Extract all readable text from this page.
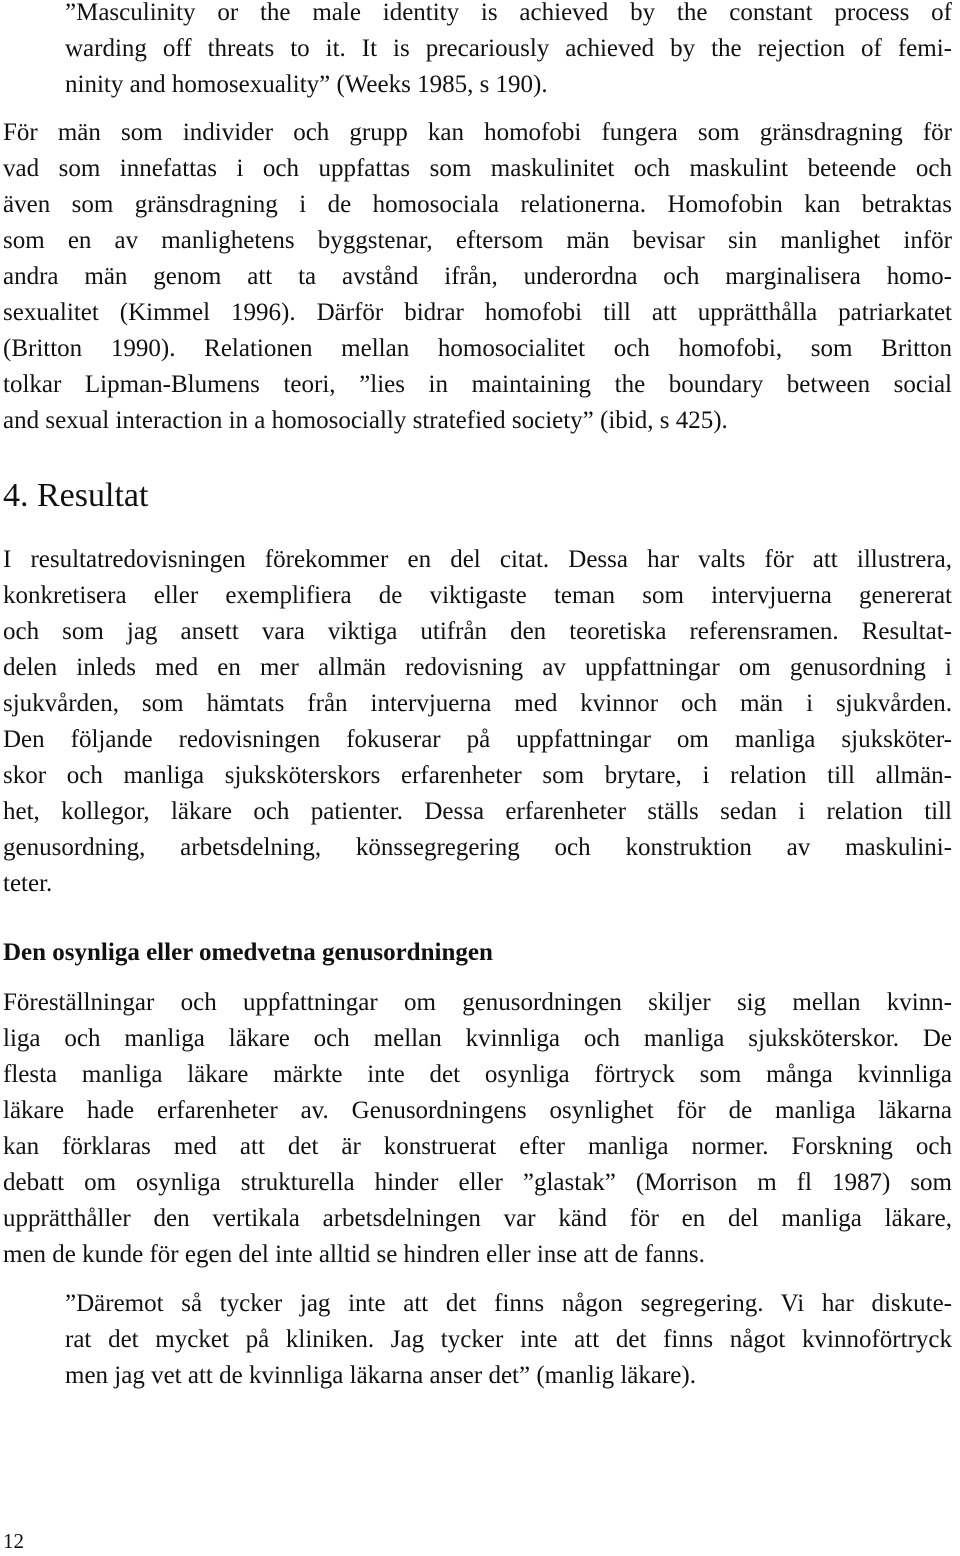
”Masculinity or the male identity is achieved by the constant process of
warding off threats to it. It is precariously achieved by the rejection of femi-
ninity and homosexuality” (Weeks 1985, s 190).
För män som individer och grupp kan homofobi fungera som gränsdragning för
vad som innefattas i och uppfattas som maskulinitet och maskulint beteende och
även som gränsdragning i de homosociala relationerna. Homofobin kan betraktas
som en av manlighetens byggstenar, eftersom män bevisar sin manlighet inför
andra män genom att ta avstånd ifrån, underordna och marginalisera homo-
sexualitet (Kimmel 1996). Därför bidrar homofobi till att upprätthålla patriarkatet
(Britton 1990). Relationen mellan homosocialitet och homofobi, som Britton
tolkar Lipman-Blumens teori, ”lies in maintaining the boundary between social
and sexual interaction in a homosocially stratefied society” (ibid, s 425).
4. Resultat
I resultatredovisningen förekommer en del citat. Dessa har valts för att illustrera,
konkretisera eller exemplifiera de viktigaste teman som intervjuerna genererat
och som jag ansett vara viktiga utifrån den teoretiska referensramen. Resultat-
delen inleds med en mer allmän redovisning av uppfattningar om genusordning i
sjukvården, som hämtats från intervjuerna med kvinnor och män i sjukvården.
Den följande redovisningen fokuserar på uppfattningar om manliga sjuksköter-
skor och manliga sjuksköterskors erfarenheter som brytare, i relation till allmän-
het, kollegor, läkare och patienter. Dessa erfarenheter ställs sedan i relation till
genusordning, arbetsdelning, könssegregering och konstruktion av maskulini-
teter.
Den osynliga eller omedvetna genusordningen
Föreställningar och uppfattningar om genusordningen skiljer sig mellan kvinn-
liga och manliga läkare och mellan kvinnliga och manliga sjuksköterskor. De
flesta manliga läkare märkte inte det osynliga förtryck som många kvinnliga
läkare hade erfarenheter av. Genusordningens osynlighet för de manliga läkarna
kan förklaras med att det är konstruerat efter manliga normer. Forskning och
debatt om osynliga strukturella hinder eller ”glastak” (Morrison m fl 1987) som
upprätthåller den vertikala arbetsdelningen var känd för en del manliga läkare,
men de kunde för egen del inte alltid se hindren eller inse att de fanns.
”Däremot så tycker jag inte att det finns någon segregering. Vi har diskute-
rat det mycket på kliniken. Jag tycker inte att det finns något kvinnoförtryck
men jag vet att de kvinnliga läkarna anser det” (manlig läkare).
12
